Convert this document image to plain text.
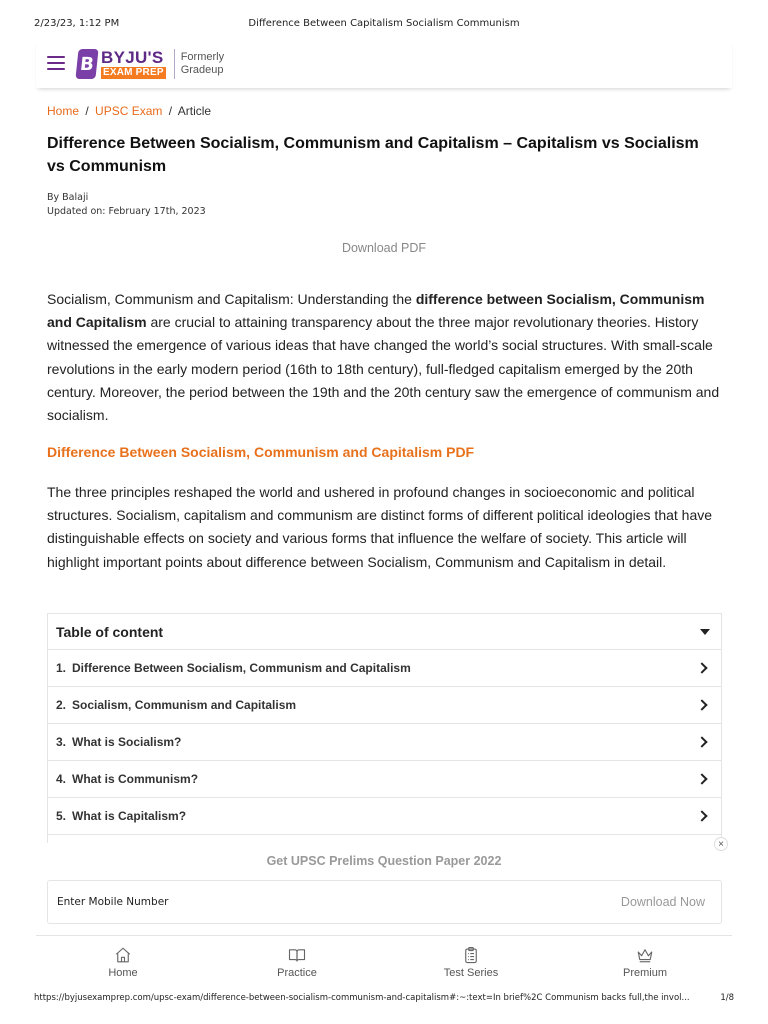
2/23/23, 1:12 PM	Difference Between Capitalism Socialism Communism
B BYJU'S
EXAM PREP
Formerly
Gradeup
Home / UPSC Exam / Article
Difference Between Socialism, Communism and Capitalism – Capitalism vs Socialism vs Communism
By Balaji
Updated on: February 17th, 2023
Download PDF

Socialism, Communism and Capitalism: Understanding the difference between Socialism, Communism and Capitalism are crucial to attaining transparency about the three major revolutionary theories. History witnessed the emergence of various ideas that have changed the world’s social structures. With small-scale revolutions in the early modern period (16th to 18th century), full-fledged capitalism emerged by the 20th century. Moreover, the period between the 19th and the 20th century saw the emergence of communism and socialism.

Difference Between Socialism, Communism and Capitalism PDF

The three principles reshaped the world and ushered in profound changes in socioeconomic and political structures. Socialism, capitalism and communism are distinct forms of different political ideologies that have distinguishable effects on society and various forms that influence the welfare of society. This article will highlight important points about difference between Socialism, Communism and Capitalism in detail.

Table of content
1. Difference Between Socialism, Communism and Capitalism
2. Socialism, Communism and Capitalism
3. What is Socialism?
4. What is Communism?
5. What is Capitalism?
×
Get UPSC Prelims Question Paper 2022
Enter Mobile Number
Download Now
Home	Practice	Test Series	Premium
https://byjusexamprep.com/upsc-exam/difference-between-socialism-communism-and-capitalism#:~:text=In brief%2C Communism backs full,the invol...	1/8
